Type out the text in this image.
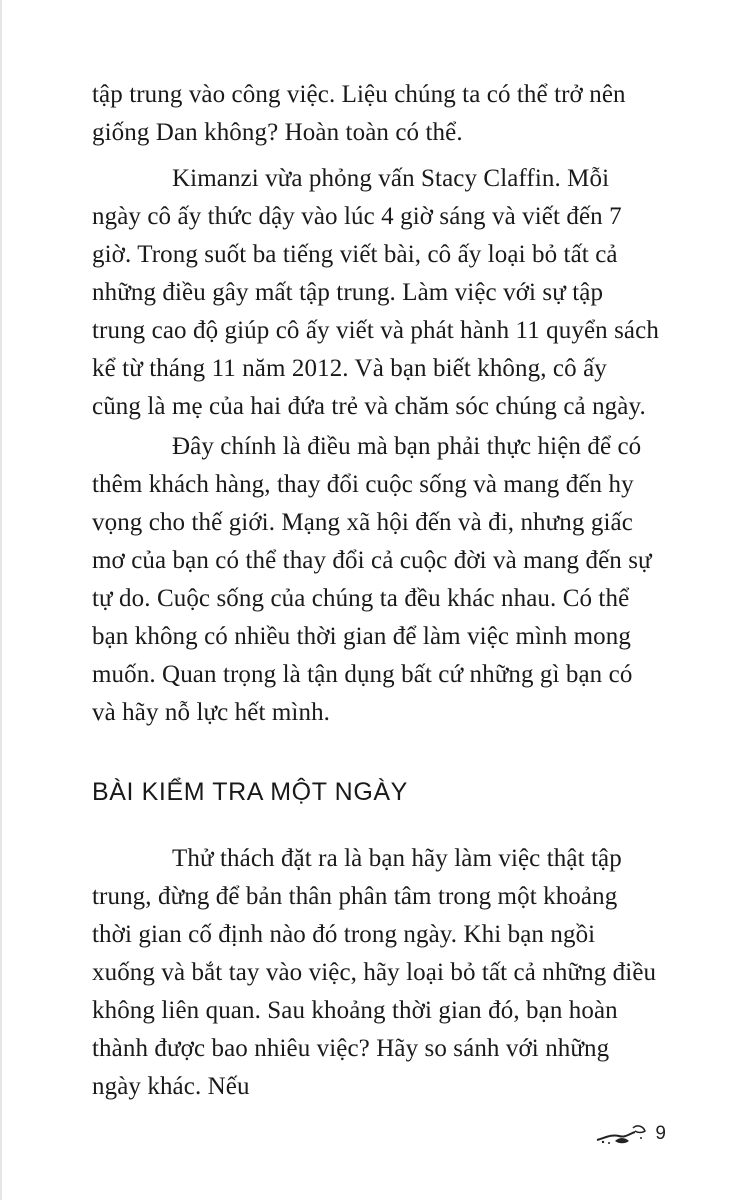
tập trung vào công việc. Liệu chúng ta có thể trở nên giống Dan không? Hoàn toàn có thể.

Kimanzi vừa phỏng vấn Stacy Claffin. Mỗi ngày cô ấy thức dậy vào lúc 4 giờ sáng và viết đến 7 giờ. Trong suốt ba tiếng viết bài, cô ấy loại bỏ tất cả những điều gây mất tập trung. Làm việc với sự tập trung cao độ giúp cô ấy viết và phát hành 11 quyển sách kể từ tháng 11 năm 2012. Và bạn biết không, cô ấy cũng là mẹ của hai đứa trẻ và chăm sóc chúng cả ngày.

Đây chính là điều mà bạn phải thực hiện để có thêm khách hàng, thay đổi cuộc sống và mang đến hy vọng cho thế giới. Mạng xã hội đến và đi, nhưng giấc mơ của bạn có thể thay đổi cả cuộc đời và mang đến sự tự do. Cuộc sống của chúng ta đều khác nhau. Có thể bạn không có nhiều thời gian để làm việc mình mong muốn. Quan trọng là tận dụng bất cứ những gì bạn có và hãy nỗ lực hết mình.

BÀI KIỂM TRA MỘT NGÀY

Thử thách đặt ra là bạn hãy làm việc thật tập trung, đừng để bản thân phân tâm trong một khoảng thời gian cố định nào đó trong ngày. Khi bạn ngồi xuống và bắt tay vào việc, hãy loại bỏ tất cả những điều không liên quan. Sau khoảng thời gian đó, bạn hoàn thành được bao nhiêu việc? Hãy so sánh với những ngày khác. Nếu

9
